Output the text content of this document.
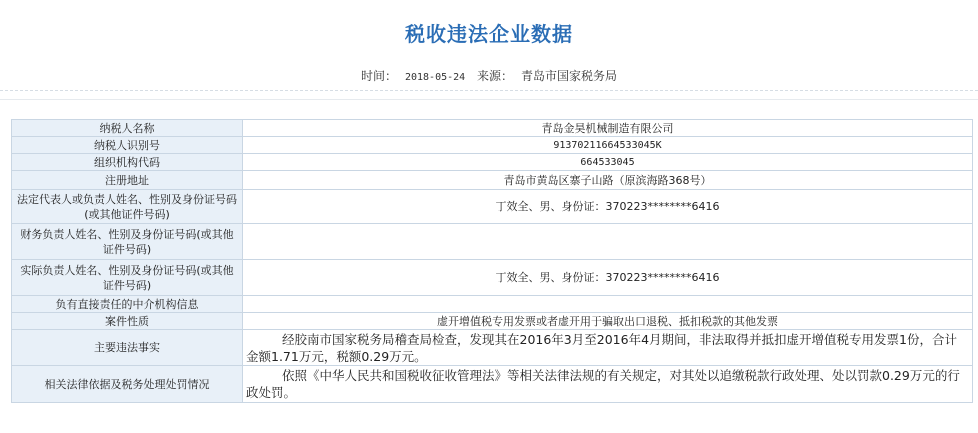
税收违法企业数据
时间： 2018-05-24 来源： 青岛市国家税务局
纳税人名称	青岛金昊机械制造有限公司
纳税人识别号	91370211664533045K
组织机构代码	664533045
注册地址	青岛市黄岛区寨子山路（原滨海路368号）
法定代表人或负责人姓名、性别及身份证号码(或其他证件号码)	丁效全、男、身份证：370223********6416
财务负责人姓名、性别及身份证号码(或其他证件号码)	
实际负责人姓名、性别及身份证号码(或其他证件号码)	丁效全、男、身份证：370223********6416
负有直接责任的中介机构信息	
案件性质	虚开增值税专用发票或者虚开用于骗取出口退税、抵扣税款的其他发票
主要违法事实	经胶南市国家税务局稽查局检查，发现其在2016年3月至2016年4月期间，非法取得并抵扣虚开增值税专用发票1份，合计金额1.71万元，税额0.29万元。
相关法律依据及税务处理处罚情况	依照《中华人民共和国税收征收管理法》等相关法律法规的有关规定，对其处以追缴税款行政处理、处以罚款0.29万元的行政处罚。
